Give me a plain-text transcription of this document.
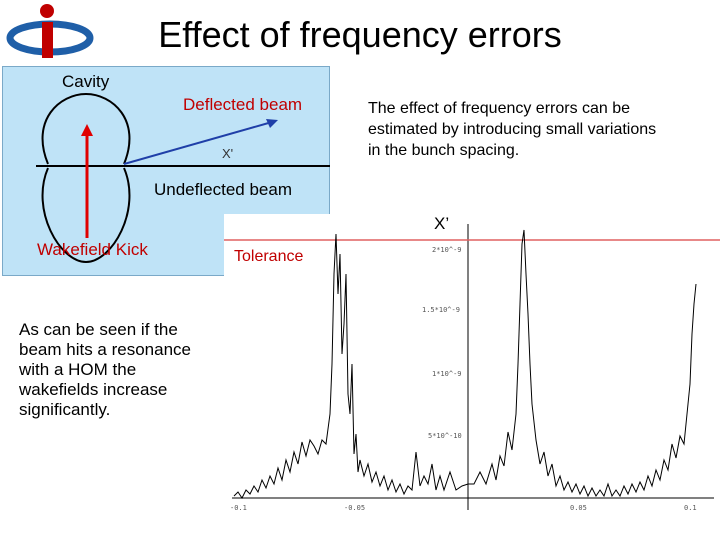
Effect of frequency errors
Cavity
Deflected beam
X'
Undeflected beam
Wakefield Kick
The effect of frequency errors can be estimated by introducing small variations in the bunch spacing.
As can be seen if the beam hits a resonance with a HOM the wakefields increase significantly.
Tolerance
X’
2*10^-9
1.5*10^-9
1*10^-9
5*10^-10
-0.1	-0.05	0.05	0.1
